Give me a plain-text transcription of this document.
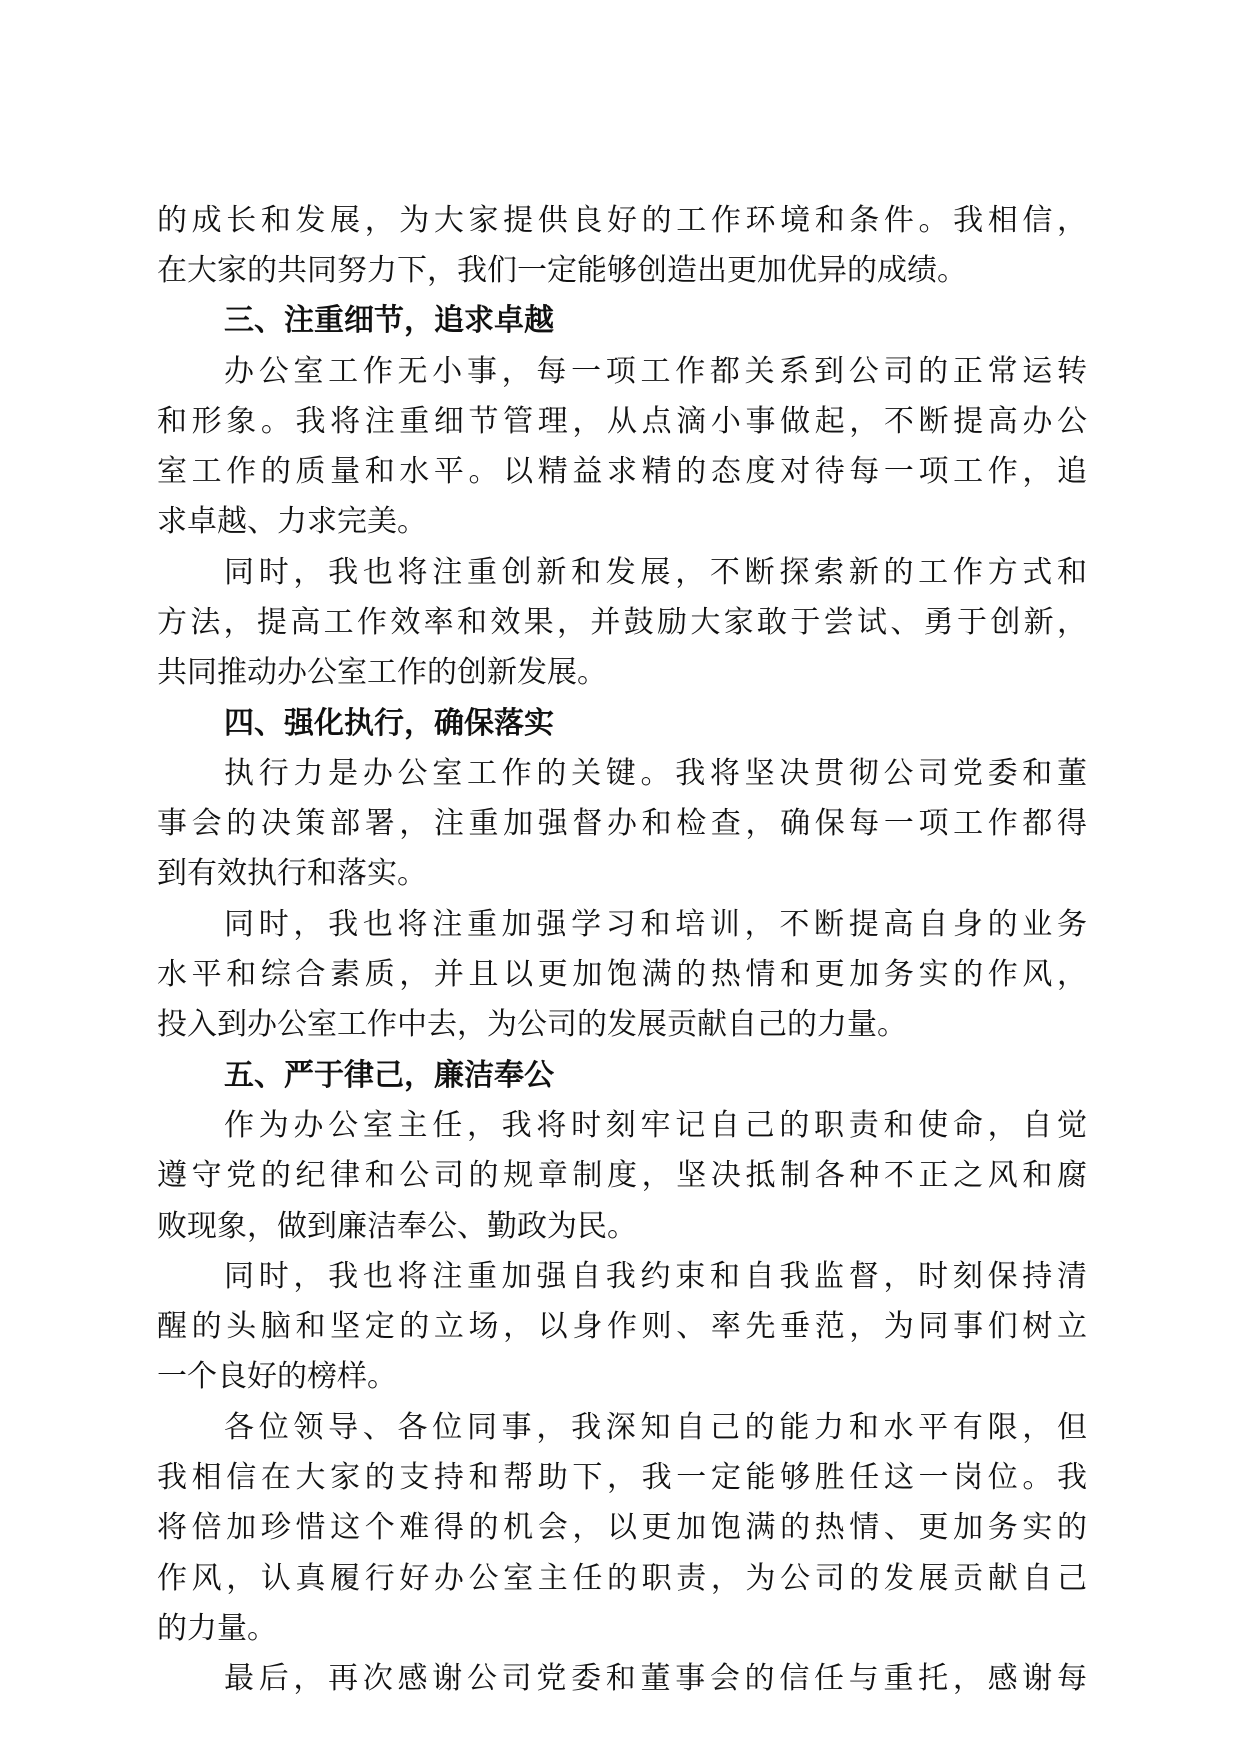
的成长和发展，为大家提供良好的工作环境和条件。我相信，
在大家的共同努力下，我们一定能够创造出更加优异的成绩。
三、注重细节，追求卓越
办公室工作无小事，每一项工作都关系到公司的正常运转
和形象。我将注重细节管理，从点滴小事做起，不断提高办公
室工作的质量和水平。以精益求精的态度对待每一项工作，追
求卓越、力求完美。
同时，我也将注重创新和发展，不断探索新的工作方式和
方法，提高工作效率和效果，并鼓励大家敢于尝试、勇于创新，
共同推动办公室工作的创新发展。
四、强化执行，确保落实
执行力是办公室工作的关键。我将坚决贯彻公司党委和董
事会的决策部署，注重加强督办和检查，确保每一项工作都得
到有效执行和落实。
同时，我也将注重加强学习和培训，不断提高自身的业务
水平和综合素质，并且以更加饱满的热情和更加务实的作风，
投入到办公室工作中去，为公司的发展贡献自己的力量。
五、严于律己，廉洁奉公
作为办公室主任，我将时刻牢记自己的职责和使命，自觉
遵守党的纪律和公司的规章制度，坚决抵制各种不正之风和腐
败现象，做到廉洁奉公、勤政为民。
同时，我也将注重加强自我约束和自我监督，时刻保持清
醒的头脑和坚定的立场，以身作则、率先垂范，为同事们树立
一个良好的榜样。
各位领导、各位同事，我深知自己的能力和水平有限，但
我相信在大家的支持和帮助下，我一定能够胜任这一岗位。我
将倍加珍惜这个难得的机会，以更加饱满的热情、更加务实的
作风，认真履行好办公室主任的职责，为公司的发展贡献自己
的力量。
最后，再次感谢公司党委和董事会的信任与重托，感谢每
